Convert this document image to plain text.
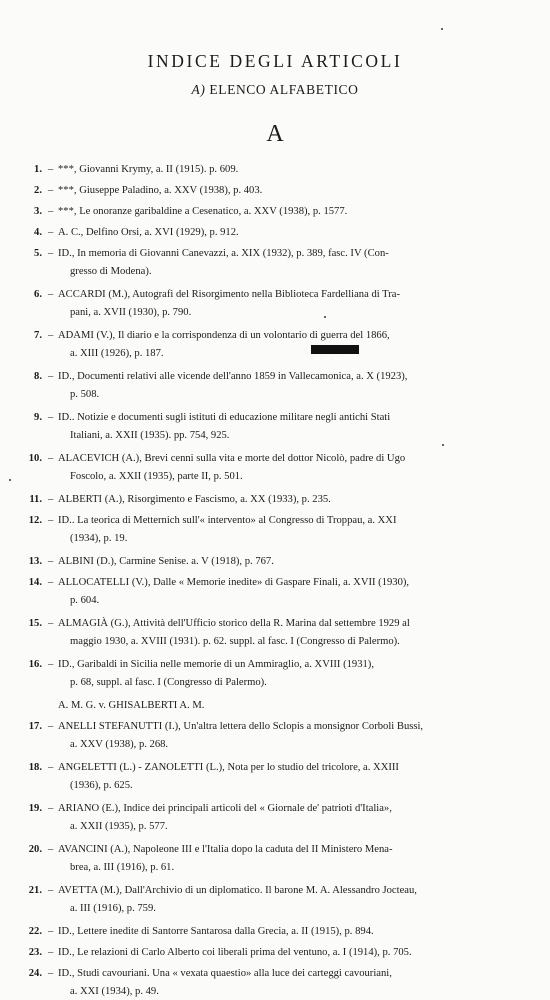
INDICE DEGLI ARTICOLI
A) ELENCO ALFABETICO
A
1. – ***, Giovanni Krymy, a. II (1915). p. 609.
2. – ***, Giuseppe Paladino, a. XXV (1938), p. 403.
3. – ***, Le onoranze garibaldine a Cesenatico, a. XXV (1938), p. 1577.
4. – A. C., Delfino Orsi, a. XVI (1929), p. 912.
5. – ID., In memoria di Giovanni Canevazzi, a. XIX (1932), p. 389, fasc. IV (Con-
gresso di Modena).
6. – ACCARDI (M.), Autografi del Risorgimento nella Biblioteca Fardelliana di Tra-
pani, a. XVII (1930), p. 790.
7. – ADAMI (V.), Il diario e la corrispondenza di un volontario di guerra del 1866,
a. XIII (1926), p. 187.
8. – ID., Documenti relativi alle vicende dell'anno 1859 in Vallecamonica, a. X (1923),
p. 508.
9. – ID.. Notizie e documenti sugli istituti di educazione militare negli antichi Stati
Italiani, a. XXII (1935). pp. 754, 925.
10. – ALACEVICH (A.), Brevi cenni sulla vita e morte del dottor Nicolò, padre di Ugo
Foscolo, a. XXII (1935), parte II, p. 501.
11. – ALBERTI (A.), Risorgimento e Fascismo, a. XX (1933), p. 235.
12. – ID.. La teorica di Metternich sull'« intervento» al Congresso di Troppau, a. XXI
(1934), p. 19.
13. – ALBINI (D.), Carmine Senise. a. V (1918), p. 767.
14. – ALLOCATELLI (V.), Dalle « Memorie inedite» di Gaspare Finali, a. XVII (1930),
p. 604.
15. – ALMAGIÀ (G.), Attività dell'Ufficio storico della R. Marina dal settembre 1929 al
maggio 1930, a. XVIII (1931). p. 62. suppl. al fasc. I (Congresso di Palermo).
16. – ID., Garibaldi in Sicilia nelle memorie di un Ammiraglio, a. XVIII (1931),
p. 68, suppl. al fasc. I (Congresso di Palermo).
17. – ANELLI STEFANUTTI (I.), Un'altra lettera dello Sclopis a monsignor Corboli Bussi,
a. XXV (1938), p. 268.
18. – ANGELETTI (L.) - ZANOLETTI (L.), Nota per lo studio del tricolore, a. XXIII
(1936), p. 625.
19. – ARIANO (E.), Indice dei principali articoli del « Giornale de' patrioti d'Italia»,
a. XXII (1935), p. 577.
20. – AVANCINI (A.), Napoleone III e l'Italia dopo la caduta del II Ministero Mena-
brea, a. III (1916), p. 61.
21. – AVETTA (M.), Dall'Archivio di un diplomatico. Il barone M. A. Alessandro Jocteau,
a. III (1916), p. 759.
22. – ID., Lettere inedite di Santorre Santarosa dalla Grecia, a. II (1915), p. 894.
23. – ID., Le relazioni di Carlo Alberto coi liberali prima del ventuno, a. I (1914), p. 705.
24. – ID., Studi cavouriani. Una « vexata quaestio» alla luce dei carteggi cavouriani,
a. XXI (1934), p. 49.
A. M. G. v. GHISALBERTI A. M.
